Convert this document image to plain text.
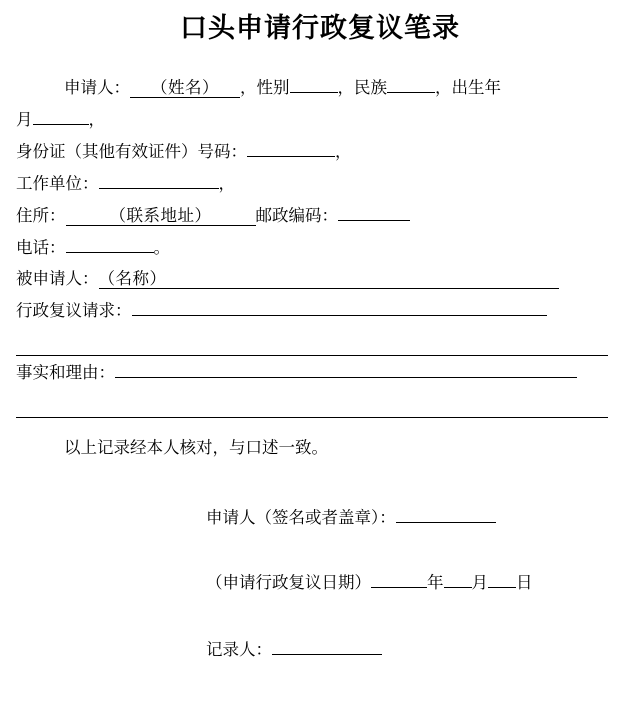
口头申请行政复议笔录
申请人： （姓名） ，性别	，民族	，出生年
月	，
身份证（其他有效证件）号码：	，
工作单位：	，
住所：	（联系地址）	邮政编码：
电话：	。
被申请人：（名称）
行政复议请求：
事实和理由：
以上记录经本人核对，与口述一致。
申请人（签名或者盖章）：
（申请行政复议日期）	年 月 日
记录人：
